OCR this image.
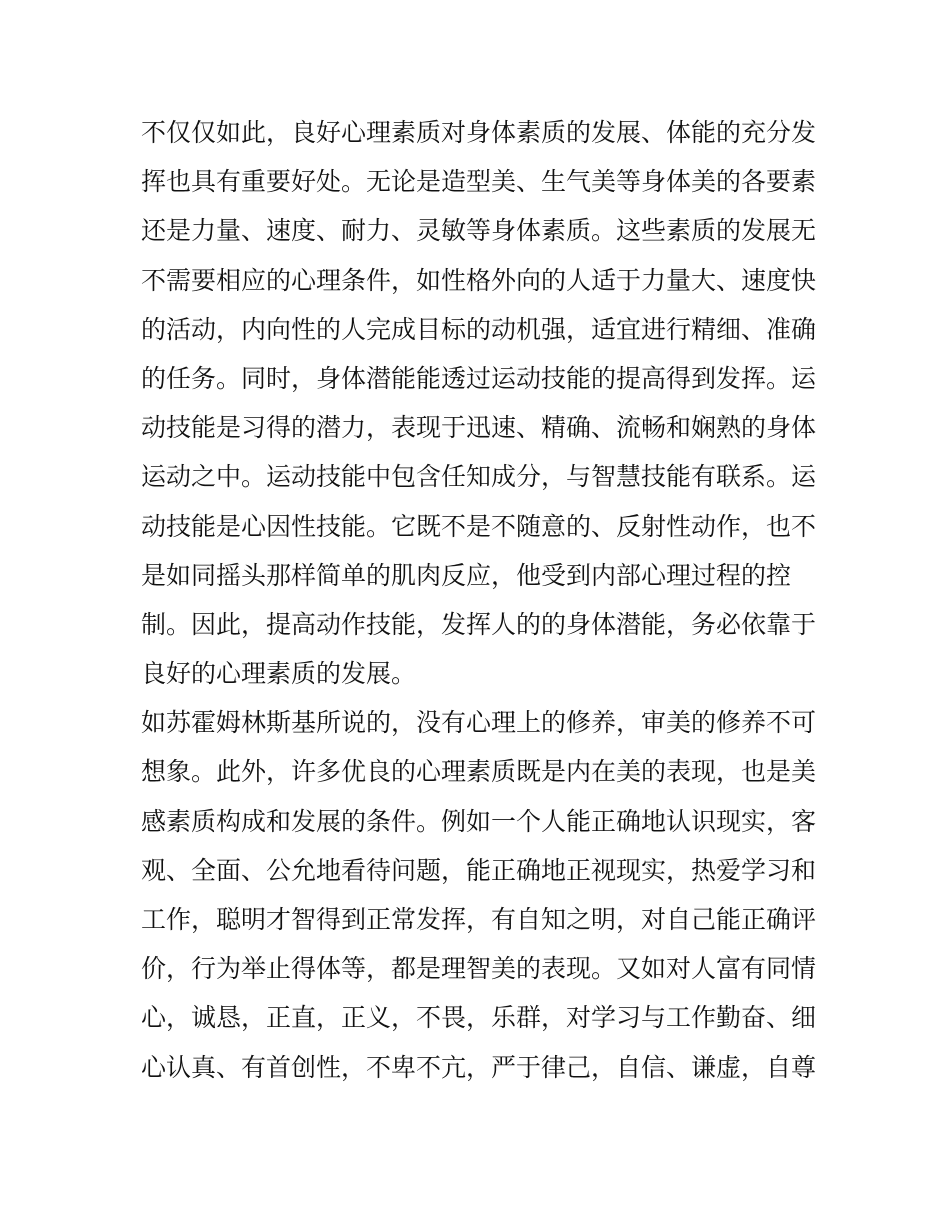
不仅仅如此，良好心理素质对身体素质的发展、体能的充分发
挥也具有重要好处。无论是造型美、生气美等身体美的各要素
还是力量、速度、耐力、灵敏等身体素质。这些素质的发展无
不需要相应的心理条件，如性格外向的人适于力量大、速度快
的活动，内向性的人完成目标的动机强，适宜进行精细、准确
的任务。同时，身体潜能能透过运动技能的提高得到发挥。运
动技能是习得的潜力，表现于迅速、精确、流畅和娴熟的身体
运动之中。运动技能中包含任知成分，与智慧技能有联系。运
动技能是心因性技能。它既不是不随意的、反射性动作，也不
是如同摇头那样简单的肌肉反应，他受到内部心理过程的控
制。因此，提高动作技能，发挥人的的身体潜能，务必依靠于
良好的心理素质的发展。
如苏霍姆林斯基所说的，没有心理上的修养，审美的修养不可
想象。此外，许多优良的心理素质既是内在美的表现，也是美
感素质构成和发展的条件。例如一个人能正确地认识现实，客
观、全面、公允地看待问题，能正确地正视现实，热爱学习和
工作，聪明才智得到正常发挥，有自知之明，对自己能正确评
价，行为举止得体等，都是理智美的表现。又如对人富有同情
心，诚恳，正直，正义，不畏，乐群，对学习与工作勤奋、细
心认真、有首创性，不卑不亢，严于律己，自信、谦虚，自尊
